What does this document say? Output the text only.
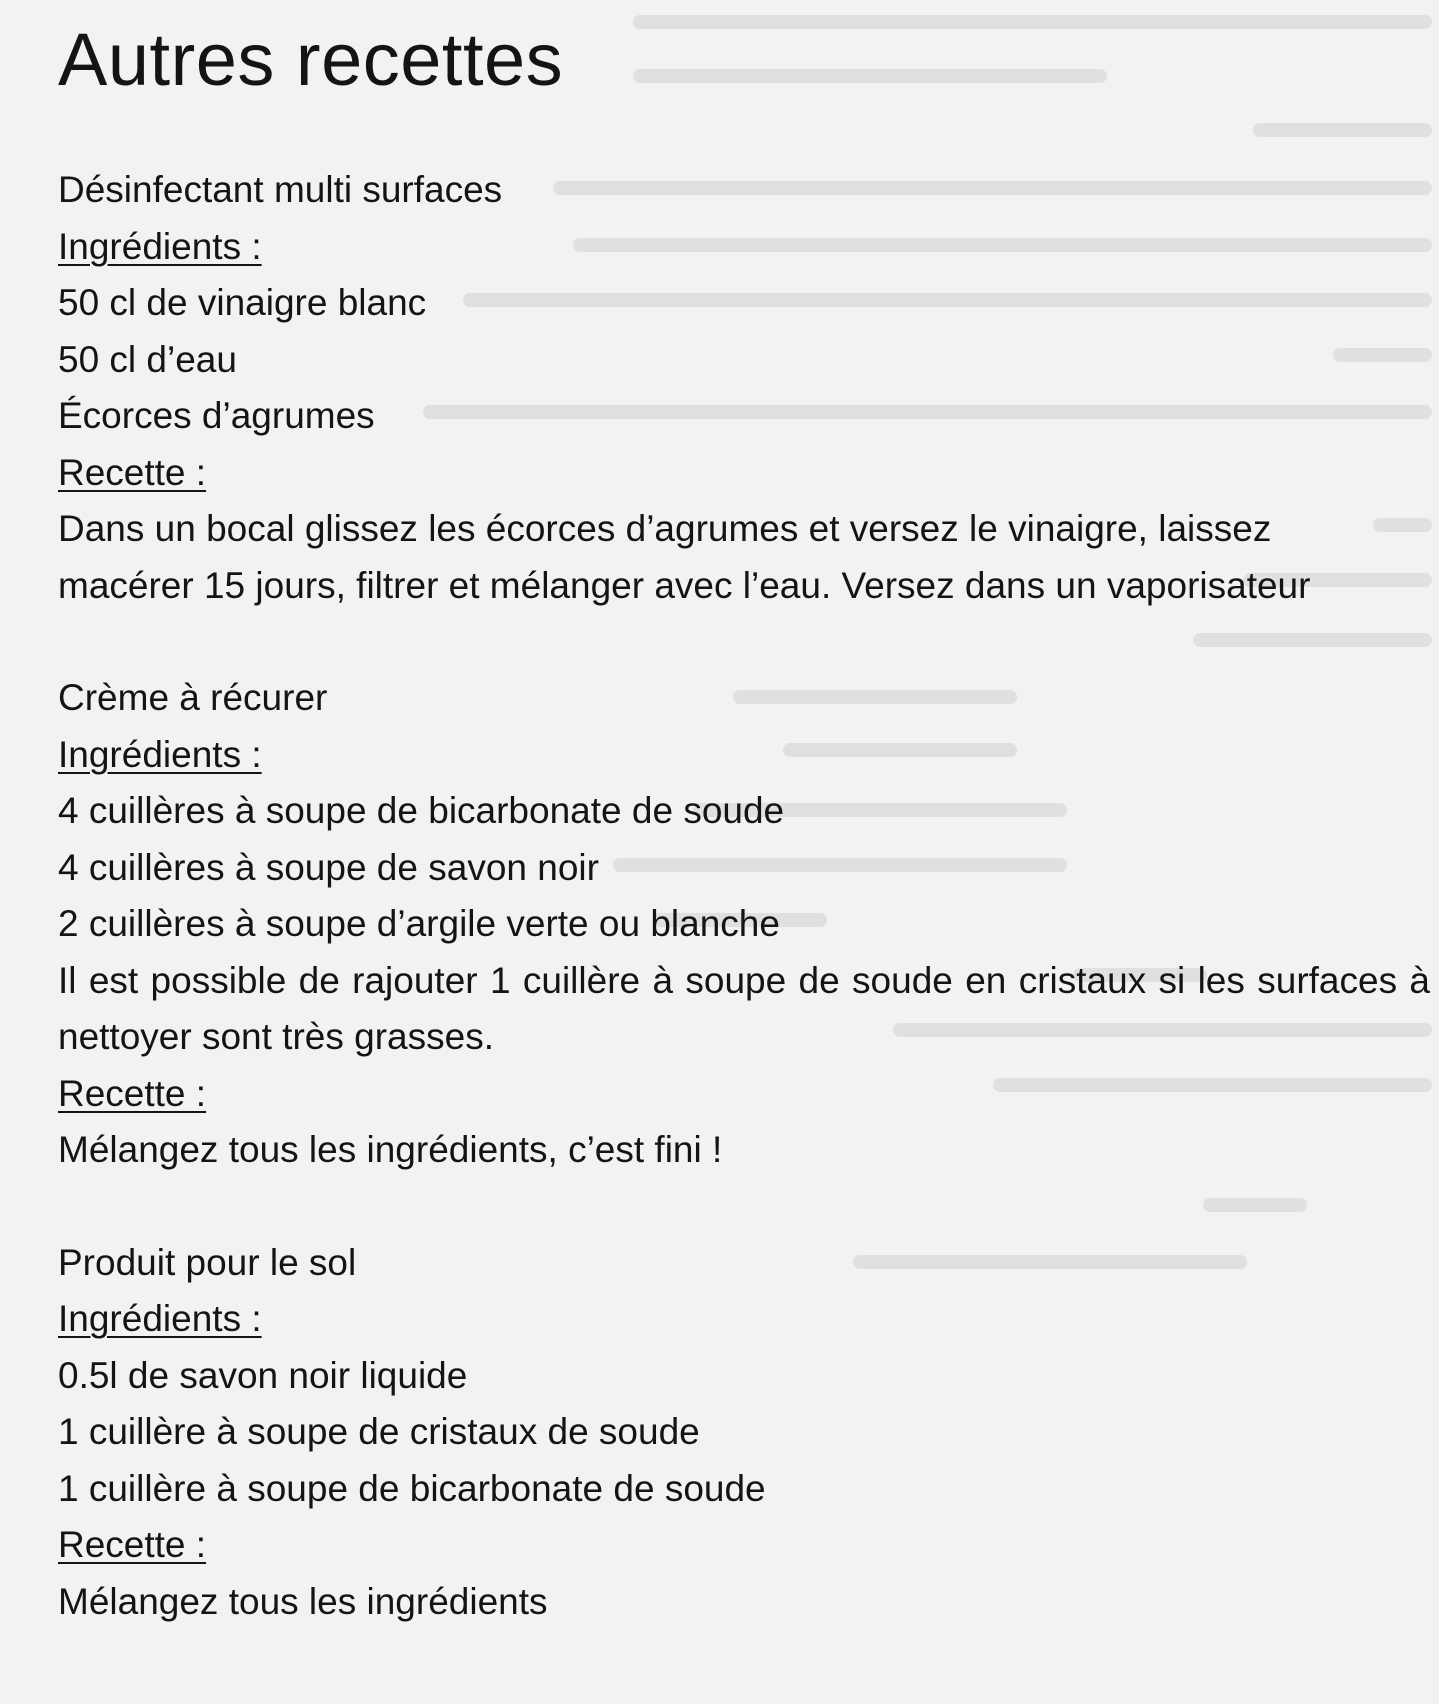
Autres recettes

Désinfectant multi surfaces

Ingrédients :

50 cl de vinaigre blanc

50 cl d’eau

Écorces d’agrumes

Recette :

Dans un bocal glissez les écorces d’agrumes et versez le vinaigre, laissez macérer 15 jours, filtrer et mélanger avec l’eau. Versez dans un vaporisateur

Crème à récurer

Ingrédients :

4 cuillères à soupe de bicarbonate de soude

4 cuillères à soupe de savon noir

2 cuillères à soupe d’argile verte ou blanche

Il est possible de rajouter 1 cuillère à soupe de soude en cristaux si les surfaces à nettoyer sont très grasses.

Recette :

Mélangez tous les ingrédients, c’est fini !

Produit pour le sol

Ingrédients :

0.5l de savon noir liquide

1 cuillère à soupe de cristaux de soude

1 cuillère à soupe de bicarbonate de soude

Recette :

Mélangez tous les ingrédients
